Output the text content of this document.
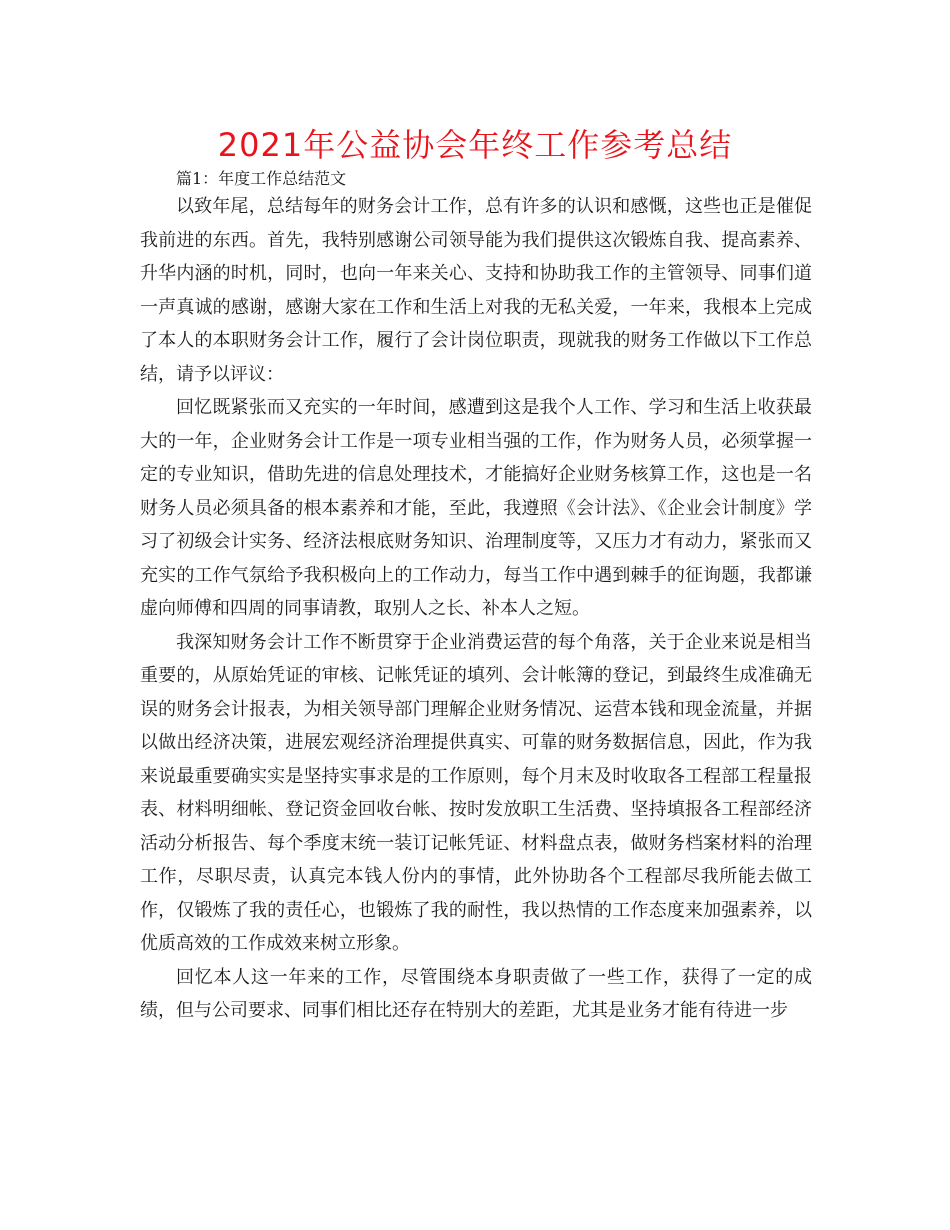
2021年公益协会年终工作参考总结

篇1：年度工作总结范文

以致年尾，总结每年的财务会计工作，总有许多的认识和感慨，这些也正是催促我前进的东西。首先，我特别感谢公司领导能为我们提供这次锻炼自我、提高素养、升华内涵的时机，同时，也向一年来关心、支持和协助我工作的主管领导、同事们道一声真诚的感谢，感谢大家在工作和生活上对我的无私关爱，一年来，我根本上完成了本人的本职财务会计工作，履行了会计岗位职责，现就我的财务工作做以下工作总结，请予以评议：

回忆既紧张而又充实的一年时间，感遭到这是我个人工作、学习和生活上收获最大的一年，企业财务会计工作是一项专业相当强的工作，作为财务人员，必须掌握一定的专业知识，借助先进的信息处理技术，才能搞好企业财务核算工作，这也是一名财务人员必须具备的根本素养和才能，至此，我遵照《会计法》、《企业会计制度》学习了初级会计实务、经济法根底财务知识、治理制度等，又压力才有动力，紧张而又充实的工作气氛给予我积极向上的工作动力，每当工作中遇到棘手的征询题，我都谦虚向师傅和四周的同事请教，取别人之长、补本人之短。

我深知财务会计工作不断贯穿于企业消费运营的每个角落，关于企业来说是相当重要的，从原始凭证的审核、记帐凭证的填列、会计帐簿的登记，到最终生成准确无误的财务会计报表，为相关领导部门理解企业财务情况、运营本钱和现金流量，并据以做出经济决策，进展宏观经济治理提供真实、可靠的财务数据信息，因此，作为我来说最重要确实实是坚持实事求是的工作原则，每个月末及时收取各工程部工程量报表、材料明细帐、登记资金回收台帐、按时发放职工生活费、坚持填报各工程部经济活动分析报告、每个季度末统一装订记帐凭证、材料盘点表，做财务档案材料的治理工作，尽职尽责，认真完本钱人份内的事情，此外协助各个工程部尽我所能去做工作，仅锻炼了我的责任心，也锻炼了我的耐性，我以热情的工作态度来加强素养，以优质高效的工作成效来树立形象。

回忆本人这一年来的工作，尽管围绕本身职责做了一些工作，获得了一定的成绩，但与公司要求、同事们相比还存在特别大的差距，尤其是业务才能有待进一步
